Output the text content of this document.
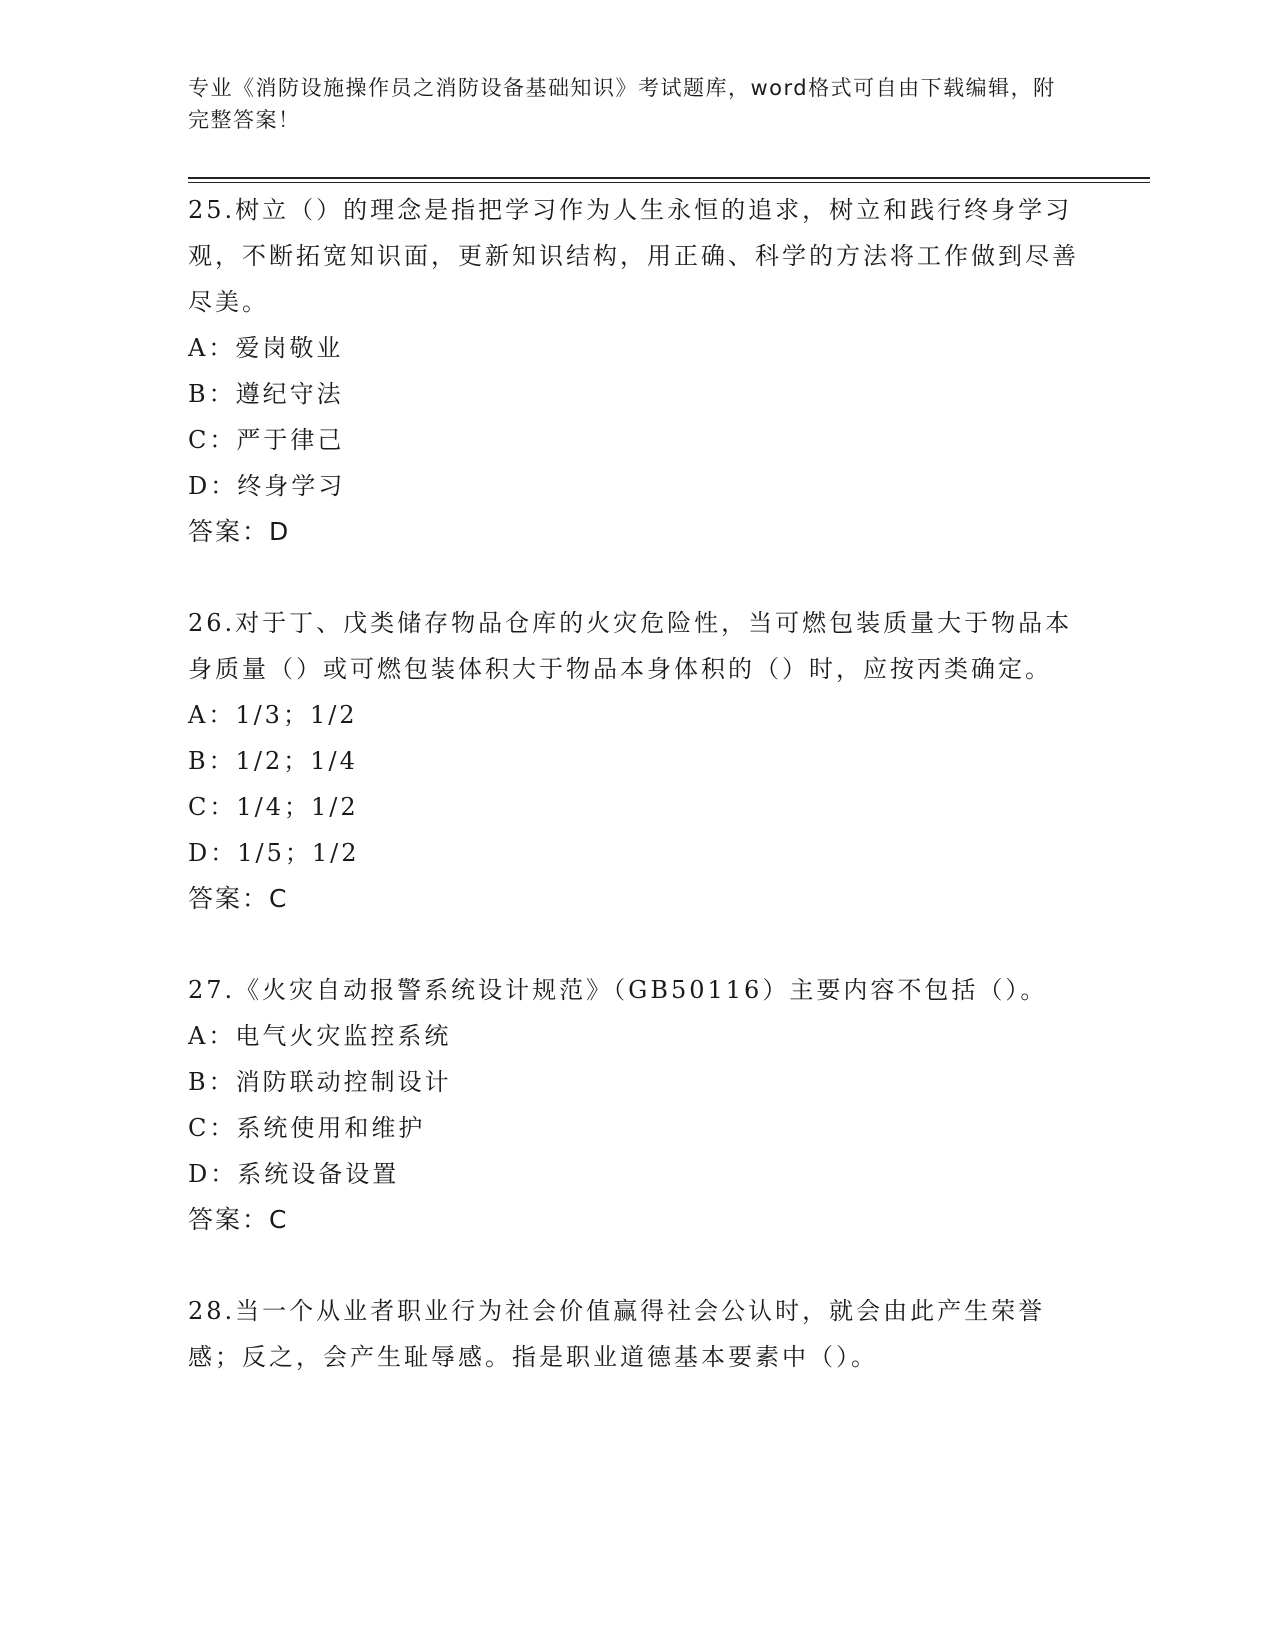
专业《消防设施操作员之消防设备基础知识》考试题库，word格式可自由下载编辑，附完整答案！

25.树立（）的理念是指把学习作为人生永恒的追求，树立和践行终身学习观，不断拓宽知识面，更新知识结构，用正确、科学的方法将工作做到尽善尽美。

A：爱岗敬业

B：遵纪守法

C：严于律己

D：终身学习

答案：D

26.对于丁、戊类储存物品仓库的火灾危险性，当可燃包装质量大于物品本身质量（）或可燃包装体积大于物品本身体积的（）时，应按丙类确定。

A：1/3；1/2

B：1/2；1/4

C：1/4；1/2

D：1/5；1/2

答案：C

27.《火灾自动报警系统设计规范》（GB50116）主要内容不包括（）。

A：电气火灾监控系统

B：消防联动控制设计

C：系统使用和维护

D：系统设备设置

答案：C

28.当一个从业者职业行为社会价值赢得社会公认时，就会由此产生荣誉感；反之，会产生耻辱感。指是职业道德基本要素中（）。
